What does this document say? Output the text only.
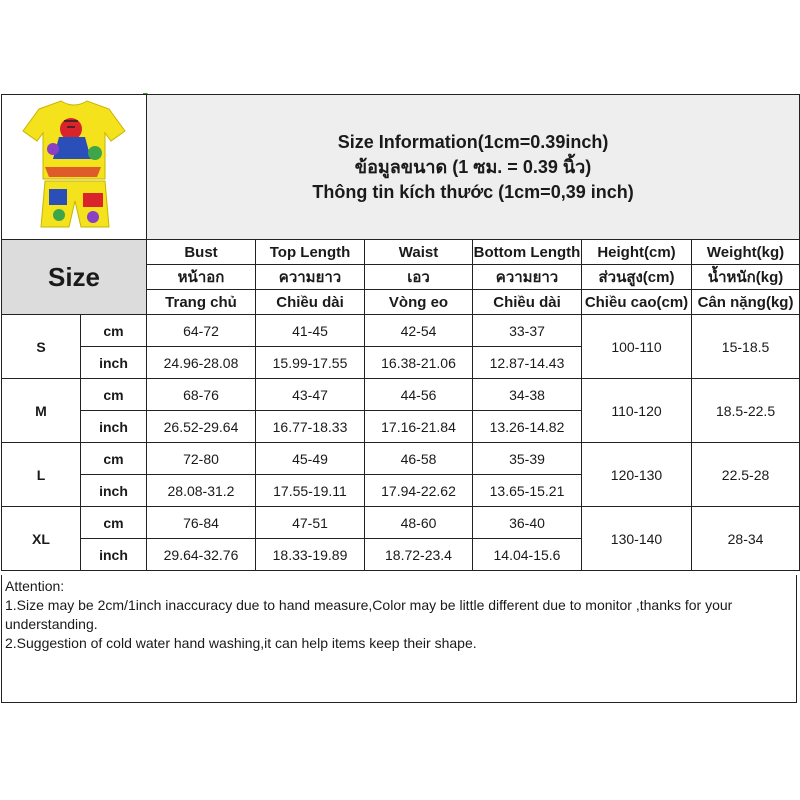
Size Information(1cm=0.39inch)
ข้อมูลขนาด (1 ซม. = 0.39 นิ้ว)
Thông tin kích thước (1cm=0,39 inch)					

Size		Bust	Top Length	Waist	Bottom Length	Height(cm)	Weight(kg)
		หน้าอก	ความยาว	เอว	ความยาว	ส่วนสูง(cm)	น้ำหนัก(kg)
		Trang chủ	Chiều dài	Vòng eo	Chiều dài	Chiều cao(cm)	Cân nặng(kg)
S	cm	64-72	41-45	42-54	33-37	100-110	15-18.5
	inch	24.96-28.08	15.99-17.55	16.38-21.06	12.87-14.43		
M	cm	68-76	43-47	44-56	34-38	110-120	18.5-22.5
	inch	26.52-29.64	16.77-18.33	17.16-21.84	13.26-14.82		
L	cm	72-80	45-49	46-58	35-39	120-130	22.5-28
	inch	28.08-31.2	17.55-19.11	17.94-22.62	13.65-15.21		
XL	cm	76-84	47-51	48-60	36-40	130-140	28-34
	inch	29.64-32.76	18.33-19.89	18.72-23.4	14.04-15.6		
Attention:
1.Size may be 2cm/1inch inaccuracy due to hand measure,Color may be little different due to monitor ,thanks for your understanding.
2.Suggestion of cold water hand washing,it can help items keep their shape.
